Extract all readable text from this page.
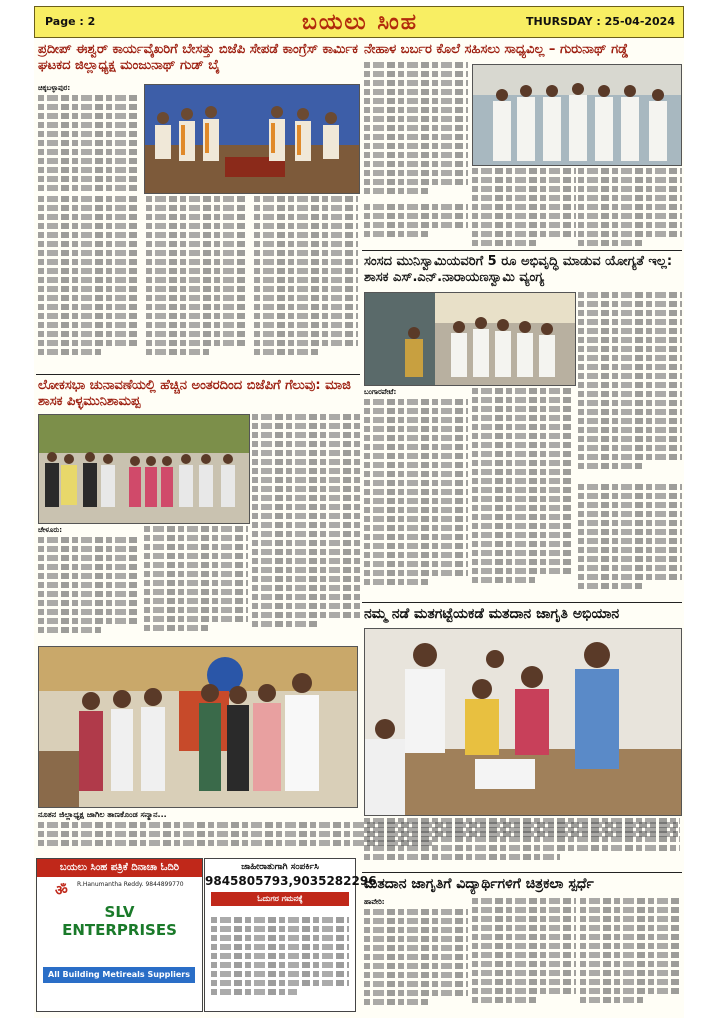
Page : 2	ಬಯಲು ಸಿಂಹ	THURSDAY : 25-04-2024
ಪ್ರದೀಪ್ ಈಶ್ವರ್ ಕಾರ್ಯವೈಖರಿಗೆ ಬೇಸತ್ತು ಬಿಜೆಪಿ ಸೇಪಡೆ ಕಾಂಗ್ರೆಸ್ ಕಾರ್ಮಿಕ ಘಟಕದ ಜಿಲ್ಲಾಧ್ಯಕ್ಷ ಮಂಜುನಾಥ್ ಗುಡ್ ಬೈ
ಚಿಕ್ಕಬಳ್ಳಾಪುರ:
ಲೋಕಸಭಾ ಚುನಾವಣೆಯಲ್ಲಿ ಹೆಚ್ಚಿನ ಅಂತರದಿಂದ ಬಿಜೆಪಿಗೆ ಗೆಲುವು: ಮಾಜಿ ಶಾಸಕ ಪಿಳ್ಳಮುನಿಶಾಮಪ್ಪ
ಚೇಳೂರು:
ನೂತನ ಜಿಲ್ಲಾಧ್ಯಕ್ಷ ಜಾಗಿಲ ತಾಣಕೊಂಡ ಸನ್ಮಾನ...
ನೇಹಾಳ ಬರ್ಬರ ಕೊಲೆ ಸಹಿಸಲು ಸಾಧ್ಯವಿಲ್ಲ – ಗುರುನಾಥ್ ಗಡ್ಡೆ
ಸಂಸದ ಮುನಿಸ್ವಾಮಿಯವರಿಗೆ 5 ರೂ ಅಭಿವೃದ್ಧಿ ಮಾಡುವ ಯೋಗ್ಯತೆ ಇಲ್ಲ: ಶಾಸಕ ಎಸ್.ಎನ್.ನಾರಾಯಣಸ್ವಾಮಿ ವ್ಯಂಗ್ಯ
ಬಂಗಾರಪೇಟೆ:
ನಮ್ಮ ನಡೆ ಮತಗಟ್ಟೆಯಕಡೆ ಮತದಾನ ಜಾಗೃತಿ ಅಭಿಯಾನ
ಮತದಾನ ಜಾಗೃತಿಗೆ ವಿದ್ಯಾರ್ಥಿಗಳಿಗೆ ಚಿತ್ರಕಲಾ ಸ್ಪರ್ಧೆ
ಹಾವೇರಿ:
ಬಯಲು ಸಿಂಹ ಪತ್ರಿಕೆ ದಿನಾಚಾ ಓದಿರಿ
ॐ R.Hanumantha Reddy. 9844899770
SLV ENTERPRISES
All Building Metireals Suppliers
ಜಾಹೀರಾತುಗಾಗಿ ಸಂಪರ್ಕಿಸಿ
9845805793,9035282296
ಓದುಗರ ಗಮನಕ್ಕೆ
